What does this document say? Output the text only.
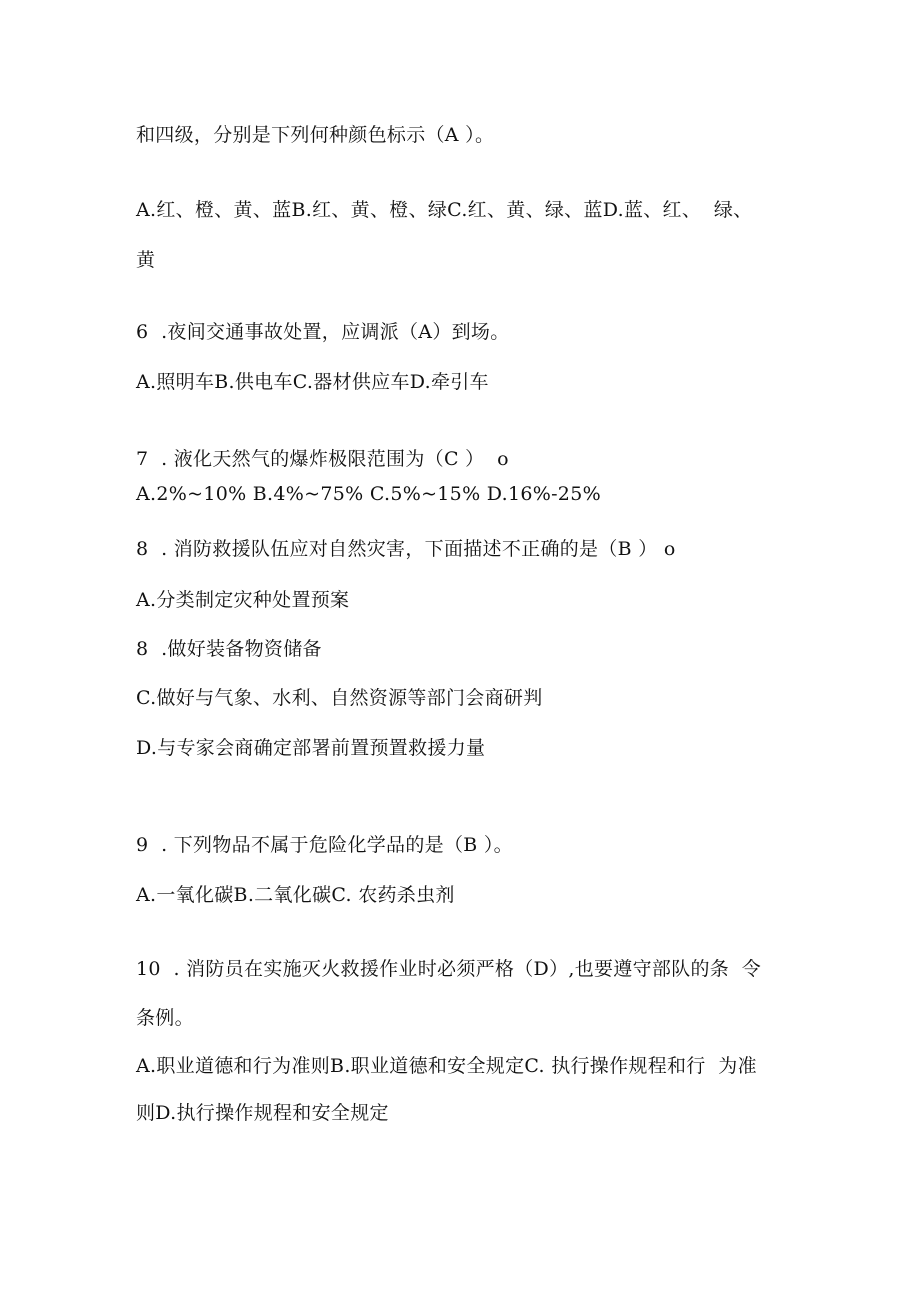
和四级，分别是下列何种颜色标示（A ）。
A.红、橙、黄、蓝B.红、黄、橙、绿C.红、黄、绿、蓝D.蓝、红、  绿、
黄
6  .夜间交通事故处置，应调派（A）到场。
A.照明车B.供电车C.器材供应车D.牵引车
7  . 液化天然气的爆炸极限范围为（C ）  o
A.2%~10% B.4%~75% C.5%~15% D.16%-25%
8  . 消防救援队伍应对自然灾害，下面描述不正确的是（B ） o
A.分类制定灾种处置预案
8  .做好装备物资储备
C.做好与气象、水利、自然资源等部门会商研判
D.与专家会商确定部署前置预置救援力量
9  . 下列物品不属于危险化学品的是（B ）。
A.一氧化碳B.二氧化碳C. 农药杀虫剂
10  . 消防员在实施灭火救援作业时必须严格（D）,也要遵守部队的条  令
条例。
A.职业道德和行为准则B.职业道德和安全规定C. 执行操作规程和行  为准
则D.执行操作规程和安全规定
